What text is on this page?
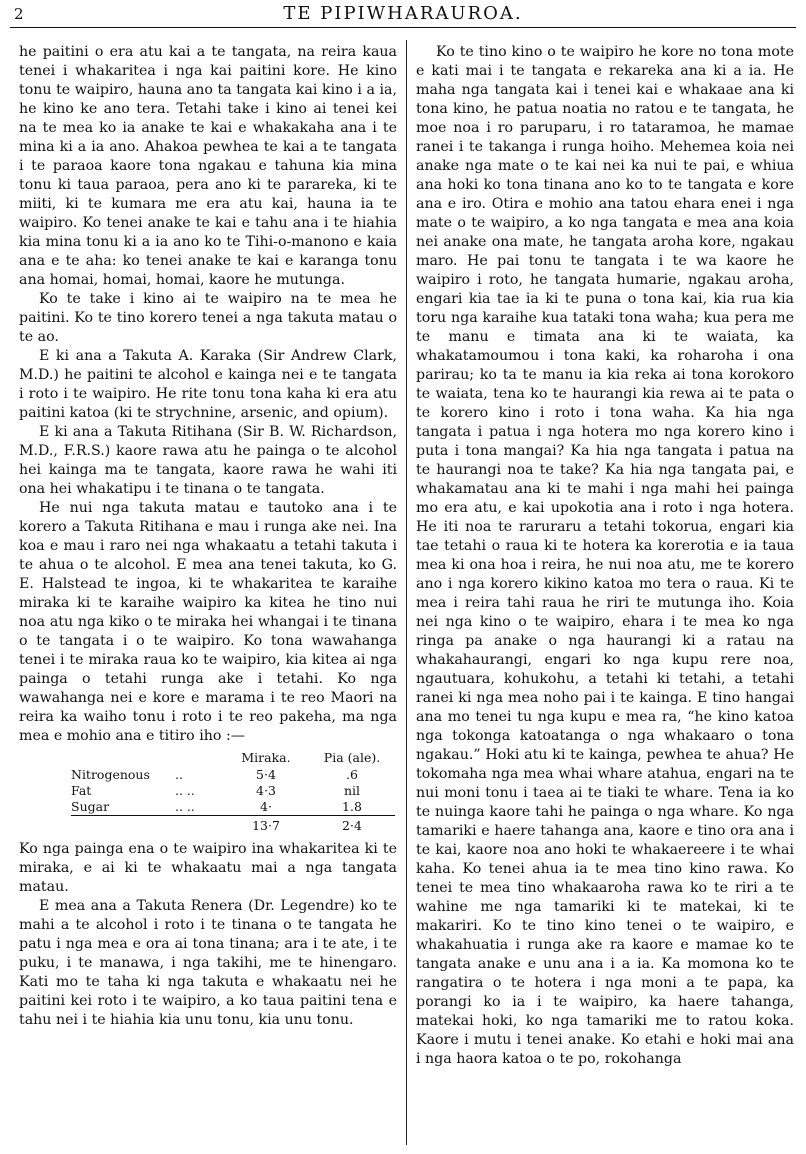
2	TE PIPIWHARAUROA.

he paitini o era atu kai a te tangata, na reira kaua tenei i whakaritea i nga kai paitini kore. He kino tonu te waipiro, hauna ano ta tangata kai kino i a ia, he kino ke ano tera. Tetahi take i kino ai tenei kei na te mea ko ia anake te kai e whakakaha ana i te mina ki a ia ano. Ahakoa pewhea te kai a te tangata i te paraoa kaore tona ngakau e tahuna kia mina tonu ki taua paraoa, pera ano ki te parareka, ki te miiti, ki te kumara me era atu kai, hauna ia te waipiro. Ko tenei anake te kai e tahu ana i te hiahia kia mina tonu ki a ia ano ko te Tihi-o-manono e kaia ana e te aha: ko tenei anake te kai e karanga tonu ana homai, homai, homai, kaore he mutunga.

Ko te take i kino ai te waipiro na te mea he paitini. Ko te tino korero tenei a nga takuta matau o te ao.

E ki ana a Takuta A. Karaka (Sir Andrew Clark, M.D.) he paitini te alcohol e kainga nei e te tangata i roto i te waipiro. He rite tonu tona kaha ki era atu paitini katoa (ki te strychnine, arsenic, and opium).

E ki ana a Takuta Ritihana (Sir B. W. Richardson, M.D., F.R.S.) kaore rawa atu he painga o te alcohol hei kainga ma te tangata, kaore rawa he wahi iti ona hei whakatipu i te tinana o te tangata.

He nui nga takuta matau e tautoko ana i te korero a Takuta Ritihana e mau i runga ake nei. Ina koa e mau i raro nei nga whakaatu a tetahi takuta i te ahua o te alcohol. E mea ana tenei takuta, ko G. E. Halstead te ingoa, ki te whakaritea te karaihe miraka ki te karaihe waipiro ka kitea he tino nui noa atu nga kiko o te miraka hei whangai i te tinana o te tangata i o te waipiro. Ko tona wawahanga tenei i te miraka raua ko te waipiro, kia kitea ai nga painga o tetahi runga ake i tetahi. Ko nga wawahanga nei e kore e marama i te reo Maori na reira ka waiho tonu i roto i te reo pakeha, ma nga mea e mohio ana e titiro iho :—

		Miraka.	Pia (ale).
Nitrogenous	..	5·4	.6
Fat	.. ..	4·3	nil
Sugar	.. ..	4·	1.8
		13·7	2·4

Ko nga painga ena o te waipiro ina whakaritea ki te miraka, e ai ki te whakaatu mai a nga tangata matau.

E mea ana a Takuta Renera (Dr. Legendre) ko te mahi a te alcohol i roto i te tinana o te tangata he patu i nga mea e ora ai tona tinana; ara i te ate, i te puku, i te manawa, i nga takihi, me te hinengaro. Kati mo te taha ki nga takuta e whakaatu nei he paitini kei roto i te waipiro, a ko taua paitini tena e tahu nei i te hiahia kia unu tonu, kia unu tonu.

Ko te tino kino o te waipiro he kore no tona mote e kati mai i te tangata e rekareka ana ki a ia. He maha nga tangata kai i tenei kai e whakaae ana ki tona kino, he patua noatia no ratou e te tangata, he moe noa i ro paruparu, i ro tataramoa, he mamae ranei i te takanga i runga hoiho. Mehemea koia nei anake nga mate o te kai nei ka nui te pai, e whiua ana hoki ko tona tinana ano ko to te tangata e kore ana e iro. Otira e mohio ana tatou ehara enei i nga mate o te waipiro, a ko nga tangata e mea ana koia nei anake ona mate, he tangata aroha kore, ngakau maro. He pai tonu te tangata i te wa kaore he waipiro i roto, he tangata humarie, ngakau aroha, engari kia tae ia ki te puna o tona kai, kia rua kia toru nga karaihe kua tataki tona waha; kua pera me te manu e timata ana ki te waiata, ka whakatamoumou i tona kaki, ka roharoha i ona parirau; ko ta te manu ia kia reka ai tona korokoro te waiata, tena ko te haurangi kia rewa ai te pata o te korero kino i roto i tona waha. Ka hia nga tangata i patua i nga hotera mo nga korero kino i puta i tona mangai? Ka hia nga tangata i patua na te haurangi noa te take? Ka hia nga tangata pai, e whakamatau ana ki te mahi i nga mahi hei painga mo era atu, e kai upokotia ana i roto i nga hotera. He iti noa te raruraru a tetahi tokorua, engari kia tae tetahi o raua ki te hotera ka korerotia e ia taua mea ki ona hoa i reira, he nui noa atu, me te korero ano i nga korero kikino katoa mo tera o raua. Ki te mea i reira tahi raua he riri te mutunga iho. Koia nei nga kino o te waipiro, ehara i te mea ko nga ringa pa anake o nga haurangi ki a ratau na whakahaurangi, engari ko nga kupu rere noa, ngautuara, kohukohu, a tetahi ki tetahi, a tetahi ranei ki nga mea noho pai i te kainga. E tino hangai ana mo tenei tu nga kupu e mea ra, “he kino katoa nga tokonga katoatanga o nga whakaaro o tona ngakau.” Hoki atu ki te kainga, pewhea te ahua? He tokomaha nga mea whai whare atahua, engari na te nui moni tonu i taea ai te tiaki te whare. Tena ia ko te nuinga kaore tahi he painga o nga whare. Ko nga tamariki e haere tahanga ana, kaore e tino ora ana i te kai, kaore noa ano hoki te whakaereere i te whai kaha. Ko tenei ahua ia te mea tino kino rawa. Ko tenei te mea tino whakaaroha rawa ko te riri a te wahine me nga tamariki ki te matekai, ki te makariri. Ko te tino kino tenei o te waipiro, e whakahuatia i runga ake ra kaore e mamae ko te tangata anake e unu ana i a ia. Ka momona ko te rangatira o te hotera i nga moni a te papa, ka porangi ko ia i te waipiro, ka haere tahanga, matekai hoki, ko nga tamariki me to ratou koka. Kaore i mutu i tenei anake. Ko etahi e hoki mai ana i nga haora katoa o te po, rokohanga
